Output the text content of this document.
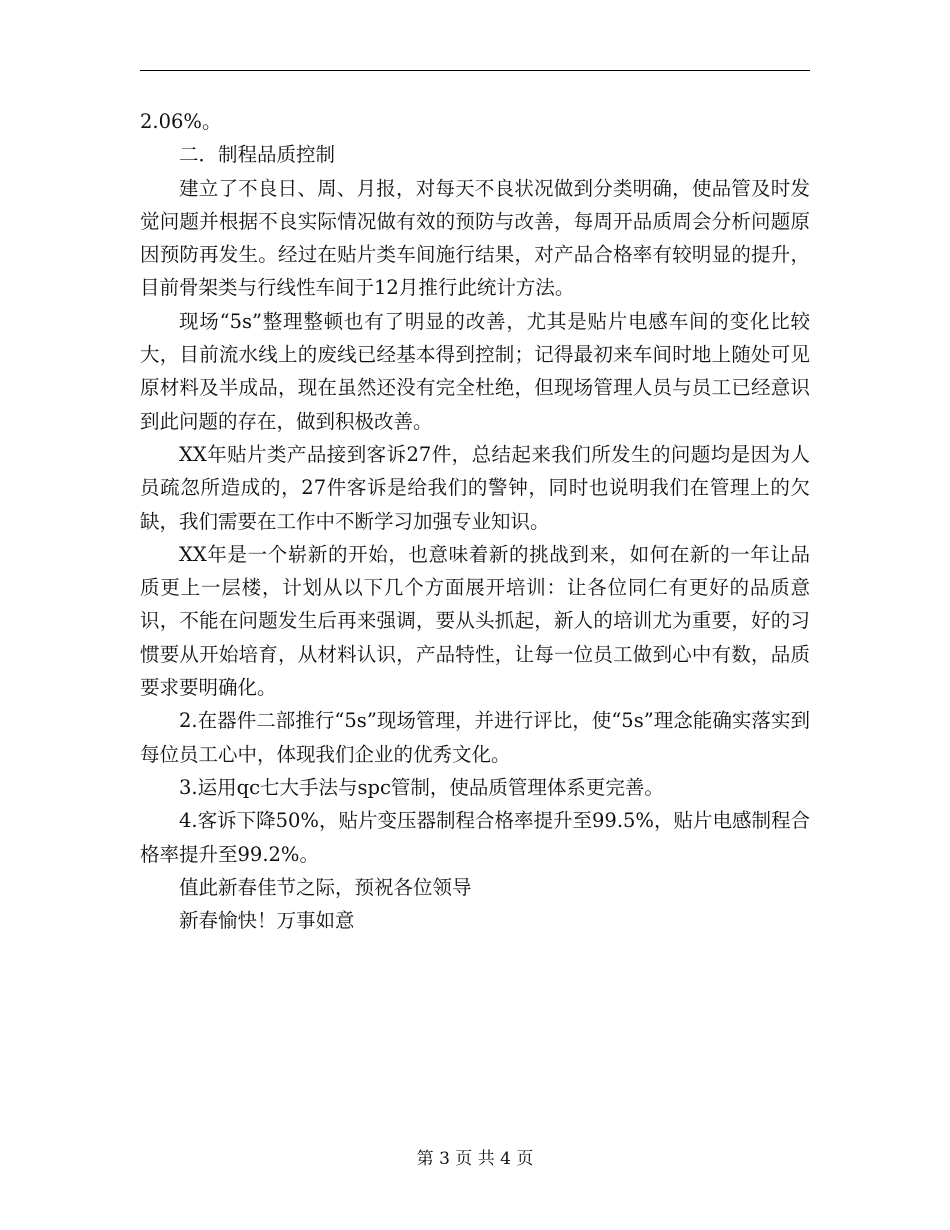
2.06%。

二．制程品质控制

建立了不良日、周、月报，对每天不良状况做到分类明确，使品管及时发觉问题并根据不良实际情况做有效的预防与改善，每周开品质周会分析问题原因预防再发生。经过在贴片类车间施行结果，对产品合格率有较明显的提升，目前骨架类与行线性车间于12月推行此统计方法。

现场“5s”整理整顿也有了明显的改善，尤其是贴片电感车间的变化比较大，目前流水线上的废线已经基本得到控制；记得最初来车间时地上随处可见原材料及半成品，现在虽然还没有完全杜绝，但现场管理人员与员工已经意识到此问题的存在，做到积极改善。

XX年贴片类产品接到客诉27件，总结起来我们所发生的问题均是因为人员疏忽所造成的，27件客诉是给我们的警钟，同时也说明我们在管理上的欠缺，我们需要在工作中不断学习加强专业知识。

XX年是一个崭新的开始，也意味着新的挑战到来，如何在新的一年让品质更上一层楼，计划从以下几个方面展开培训：让各位同仁有更好的品质意识，不能在问题发生后再来强调，要从头抓起，新人的培训尤为重要，好的习惯要从开始培育，从材料认识，产品特性，让每一位员工做到心中有数，品质要求要明确化。

2.在器件二部推行“5s”现场管理，并进行评比，使“5s”理念能确实落实到每位员工心中，体现我们企业的优秀文化。

3.运用qc七大手法与spc管制，使品质管理体系更完善。

4.客诉下降50%，贴片变压器制程合格率提升至99.5%，贴片电感制程合格率提升至99.2%。

值此新春佳节之际，预祝各位领导

新春愉快！万事如意

第 3 页 共 4 页
